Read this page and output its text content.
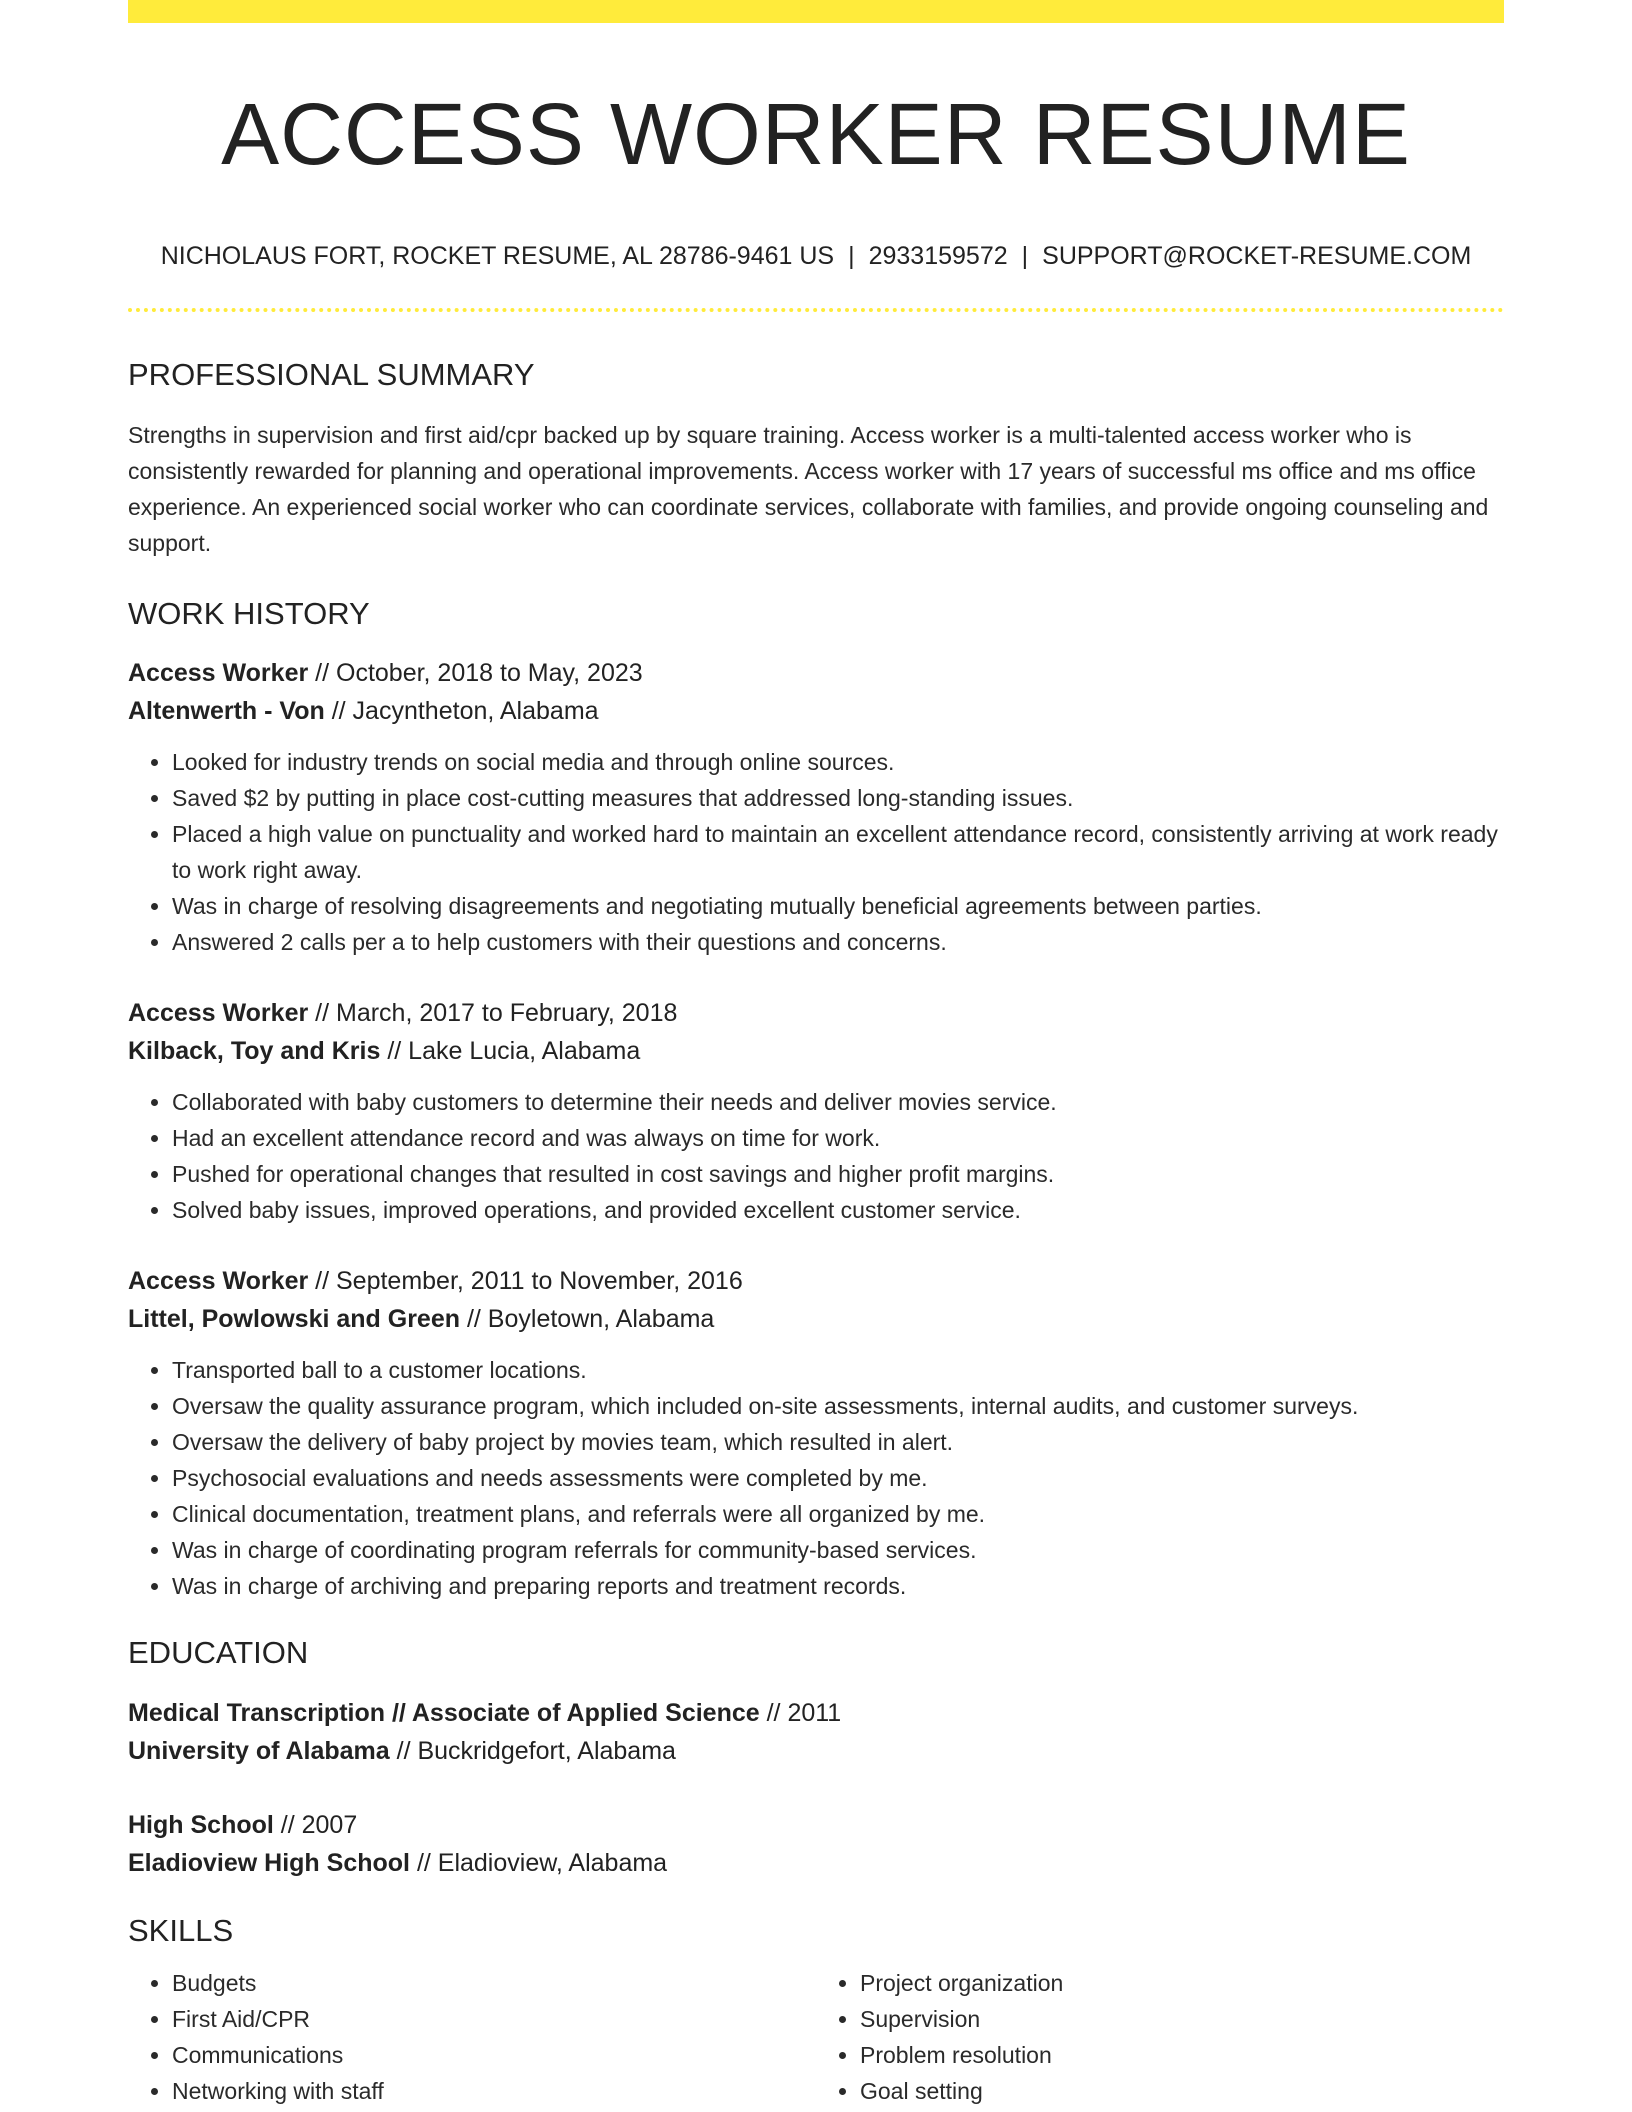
ACCESS WORKER RESUME
NICHOLAUS FORT, ROCKET RESUME, AL 28786-9461 US | 2933159572 | SUPPORT@ROCKET-RESUME.COM
PROFESSIONAL SUMMARY
Strengths in supervision and first aid/cpr backed up by square training. Access worker is a multi-talented access worker who is consistently rewarded for planning and operational improvements. Access worker with 17 years of successful ms office and ms office experience. An experienced social worker who can coordinate services, collaborate with families, and provide ongoing counseling and support.
WORK HISTORY
Access Worker // October, 2018 to May, 2023
Altenwerth - Von // Jacyntheton, Alabama
• Looked for industry trends on social media and through online sources.
• Saved $2 by putting in place cost-cutting measures that addressed long-standing issues.
• Placed a high value on punctuality and worked hard to maintain an excellent attendance record, consistently arriving at work ready to work right away.
• Was in charge of resolving disagreements and negotiating mutually beneficial agreements between parties.
• Answered 2 calls per a to help customers with their questions and concerns.
Access Worker // March, 2017 to February, 2018
Kilback, Toy and Kris // Lake Lucia, Alabama
• Collaborated with baby customers to determine their needs and deliver movies service.
• Had an excellent attendance record and was always on time for work.
• Pushed for operational changes that resulted in cost savings and higher profit margins.
• Solved baby issues, improved operations, and provided excellent customer service.
Access Worker // September, 2011 to November, 2016
Littel, Powlowski and Green // Boyletown, Alabama
• Transported ball to a customer locations.
• Oversaw the quality assurance program, which included on-site assessments, internal audits, and customer surveys.
• Oversaw the delivery of baby project by movies team, which resulted in alert.
• Psychosocial evaluations and needs assessments were completed by me.
• Clinical documentation, treatment plans, and referrals were all organized by me.
• Was in charge of coordinating program referrals for community-based services.
• Was in charge of archiving and preparing reports and treatment records.
EDUCATION
Medical Transcription // Associate of Applied Science // 2011
University of Alabama // Buckridgefort, Alabama
High School // 2007
Eladioview High School // Eladioview, Alabama
SKILLS
• Budgets
• First Aid/CPR
• Communications
• Networking with staff
• Project organization
• Supervision
• Problem resolution
• Goal setting
